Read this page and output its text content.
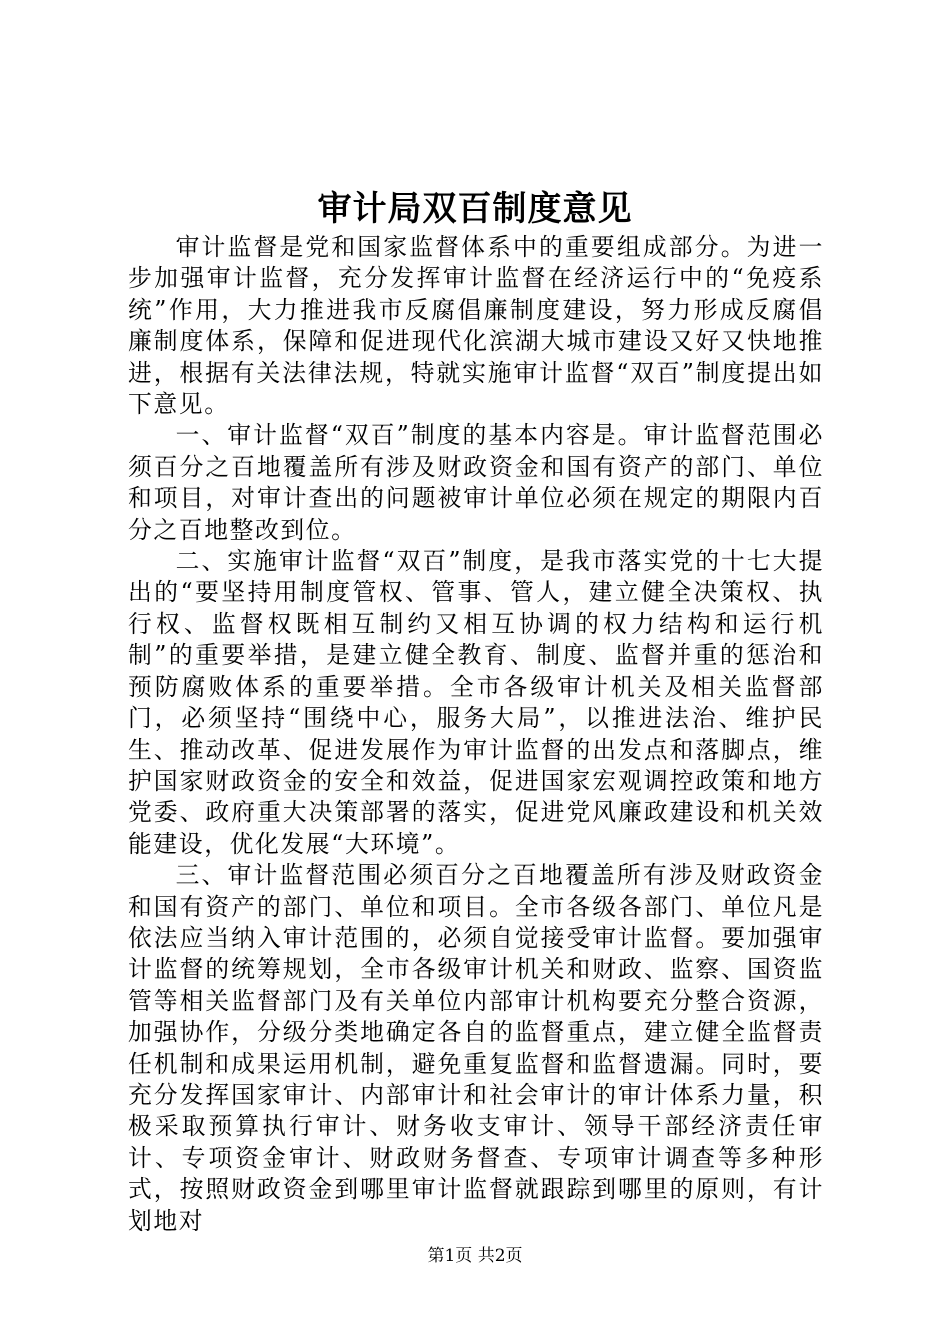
审计局双百制度意见

审计监督是党和国家监督体系中的重要组成部分。为进一步加强审计监督，充分发挥审计监督在经济运行中的“免疫系统”作用，大力推进我市反腐倡廉制度建设，努力形成反腐倡廉制度体系，保障和促进现代化滨湖大城市建设又好又快地推进，根据有关法律法规，特就实施审计监督“双百”制度提出如下意见。

一、审计监督“双百”制度的基本内容是。审计监督范围必须百分之百地覆盖所有涉及财政资金和国有资产的部门、单位和项目，对审计查出的问题被审计单位必须在规定的期限内百分之百地整改到位。

二、实施审计监督“双百”制度，是我市落实党的十七大提出的“要坚持用制度管权、管事、管人，建立健全决策权、执行权、监督权既相互制约又相互协调的权力结构和运行机制”的重要举措，是建立健全教育、制度、监督并重的惩治和预防腐败体系的重要举措。全市各级审计机关及相关监督部门，必须坚持“围绕中心，服务大局”，以推进法治、维护民生、推动改革、促进发展作为审计监督的出发点和落脚点，维护国家财政资金的安全和效益，促进国家宏观调控政策和地方党委、政府重大决策部署的落实，促进党风廉政建设和机关效能建设，优化发展“大环境”。

三、审计监督范围必须百分之百地覆盖所有涉及财政资金和国有资产的部门、单位和项目。全市各级各部门、单位凡是依法应当纳入审计范围的，必须自觉接受审计监督。要加强审计监督的统筹规划，全市各级审计机关和财政、监察、国资监管等相关监督部门及有关单位内部审计机构要充分整合资源，加强协作，分级分类地确定各自的监督重点，建立健全监督责任机制和成果运用机制，避免重复监督和监督遗漏。同时，要充分发挥国家审计、内部审计和社会审计的审计体系力量，积极采取预算执行审计、财务收支审计、领导干部经济责任审计、专项资金审计、财政财务督查、专项审计调查等多种形式，按照财政资金到哪里审计监督就跟踪到哪里的原则，有计划地对

第1页 共2页
